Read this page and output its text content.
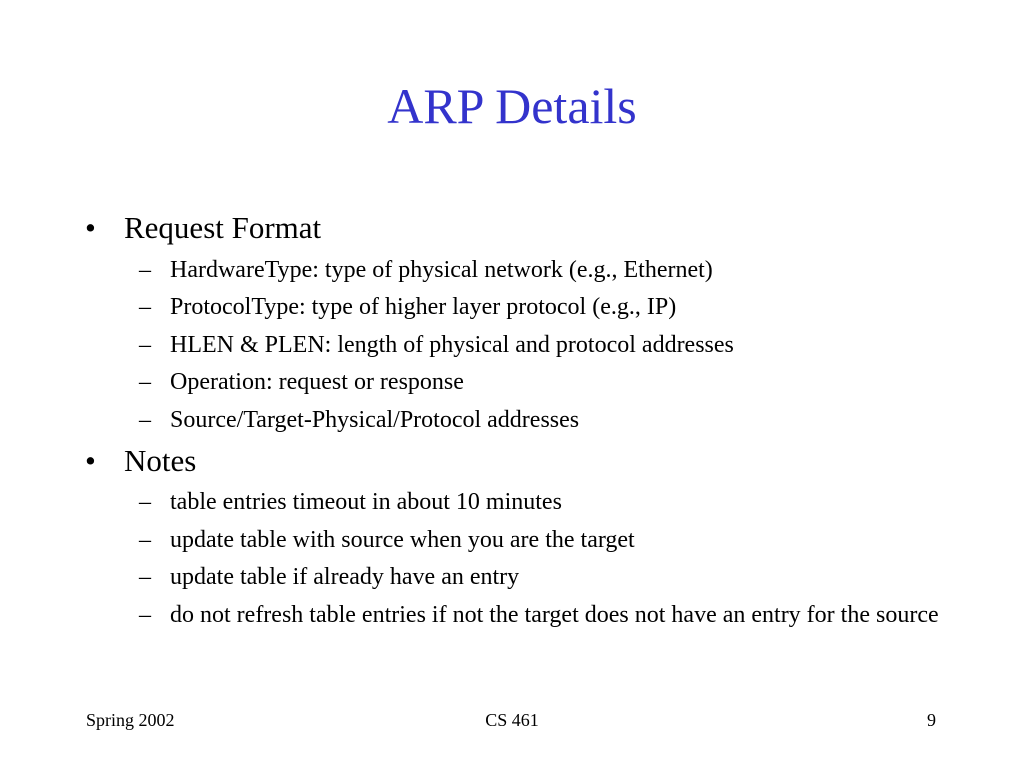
ARP Details
• Request Format
– HardwareType: type of physical network (e.g., Ethernet)
– ProtocolType: type of higher layer protocol (e.g., IP)
– HLEN & PLEN: length of physical and protocol addresses
– Operation: request or response
– Source/Target-Physical/Protocol addresses
• Notes
– table entries timeout in about 10 minutes
– update table with source when you are the target
– update table if already have an entry
– do not refresh table entries if not the target does not have an entry for the source
Spring 2002	CS 461	9
